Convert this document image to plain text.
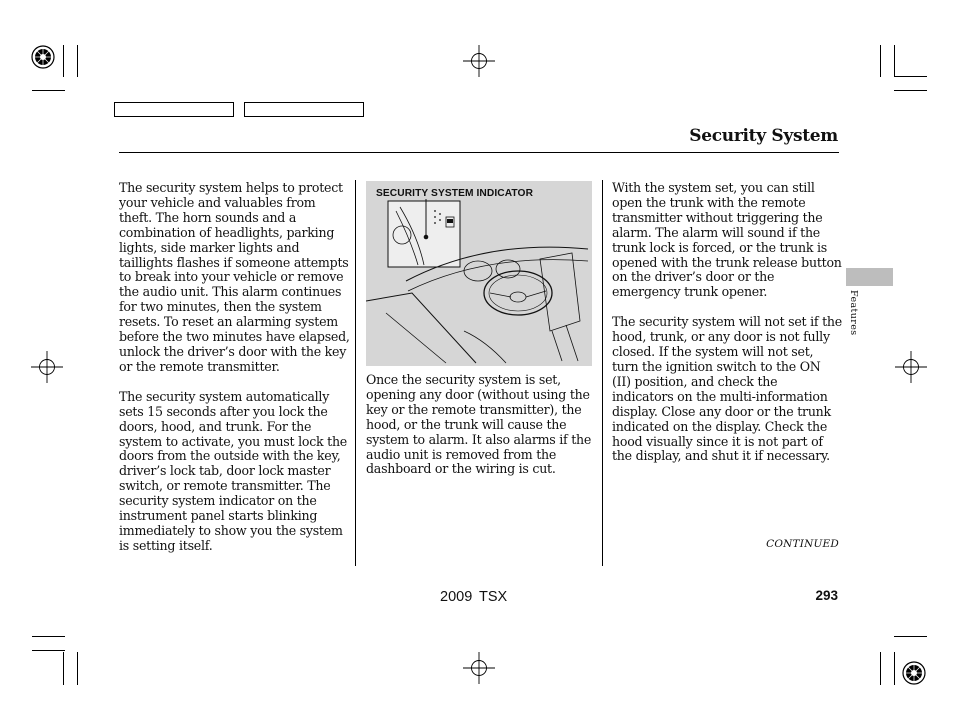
Security System

The security system helps to protect your vehicle and valuables from theft. The horn sounds and a combination of headlights, parking lights, side marker lights and taillights flashes if someone attempts to break into your vehicle or remove the audio unit. This alarm continues for two minutes, then the system resets. To reset an alarming system before the two minutes have elapsed, unlock the driver’s door with the key or the remote transmitter.

The security system automatically sets 15 seconds after you lock the doors, hood, and trunk. For the system to activate, you must lock the doors from the outside with the key, driver’s lock tab, door lock master switch, or remote transmitter. The security system indicator on the instrument panel starts blinking immediately to show you the system is setting itself.

SECURITY SYSTEM INDICATOR

Once the security system is set, opening any door (without using the key or the remote transmitter), the hood, or the trunk will cause the system to alarm. It also alarms if the audio unit is removed from the dashboard or the wiring is cut.

With the system set, you can still open the trunk with the remote transmitter without triggering the alarm. The alarm will sound if the trunk lock is forced, or the trunk is opened with the trunk release button on the driver’s door or the emergency trunk opener.

The security system will not set if the hood, trunk, or any door is not fully closed. If the system will not set, turn the ignition switch to the ON (II) position, and check the indicators on the multi-information display. Close any door or the trunk indicated on the display. Check the hood visually since it is not part of the display, and shut it if necessary.

Features
CONTINUED
2009 TSX	293
